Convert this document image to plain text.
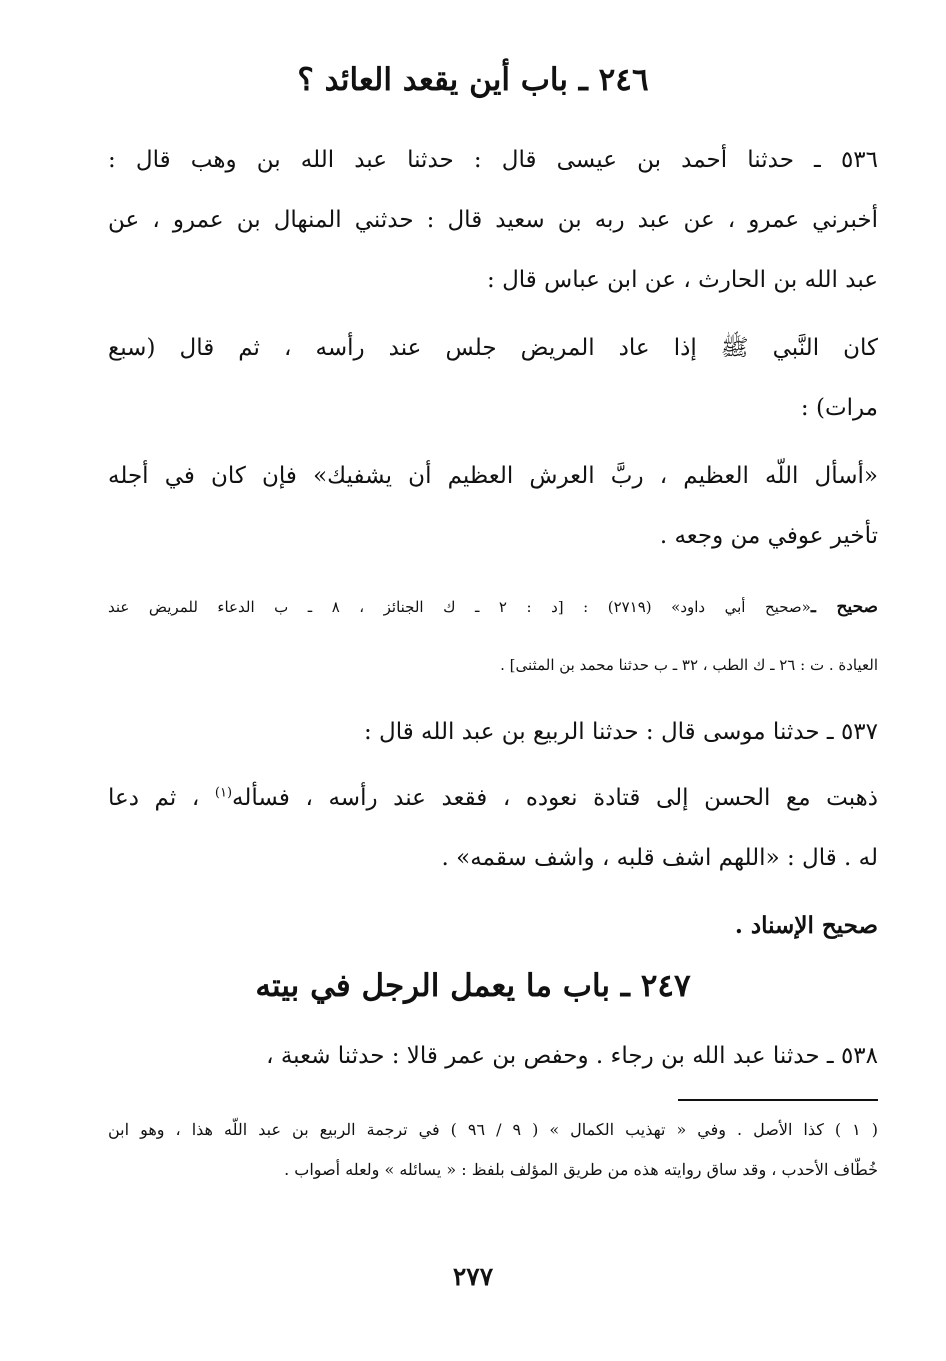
٢٤٦ ـ باب أين يقعد العائد ؟

٥٣٦ ـ حدثنا أحمد بن عيسى قال : حدثنا عبد الله بن وهب قال :

أخبرني عمرو ، عن عبد ربه بن سعيد قال : حدثني المنهال بن عمرو ، عن

عبد الله بن الحارث ، عن ابن عباس قال :

كان النَّبي ﷺ إذا عاد المريض جلس عند رأسه ، ثم قال (سبع

مرات) :

«أسأل اللّه العظيم ، ربَّ العرش العظيم أن يشفيك» فإن كان في أجله

تأخير عوفي من وجعه .

صحيح ـ«صحيح أبي داود» (٢٧١٩) : [د : ٢ ـ ك الجنائز ، ٨ ـ ب الدعاء للمريض عند

العيادة . ت : ٢٦ ـ ك الطب ، ٣٢ ـ ب حدثنا محمد بن المثنى] .

٥٣٧ ـ حدثنا موسى قال : حدثنا الربيع بن عبد الله قال :

ذهبت مع الحسن إلى قتادة نعوده ، فقعد عند رأسه ، فسأله$^{(١)}$ ، ثم دعا

له . قال : «اللهم اشف قلبه ، واشف سقمه» .

صحيح الإسناد .

٢٤٧ ـ باب ما يعمل الرجل في بيته

٥٣٨ ـ حدثنا عبد الله بن رجاء . وحفص بن عمر قالا : حدثنا شعبة ،

( ١ ) كذا الأصل . وفي « تهذيب الكمال » ( ٩ / ٩٦ ) في ترجمة الربيع بن عبد اللّه هذا ، وهو ابن

خُطّاف الأحدب ، وقد ساق روايته هذه من طريق المؤلف بلفظ : « يسائله » ولعله أصواب .

٢٧٧
